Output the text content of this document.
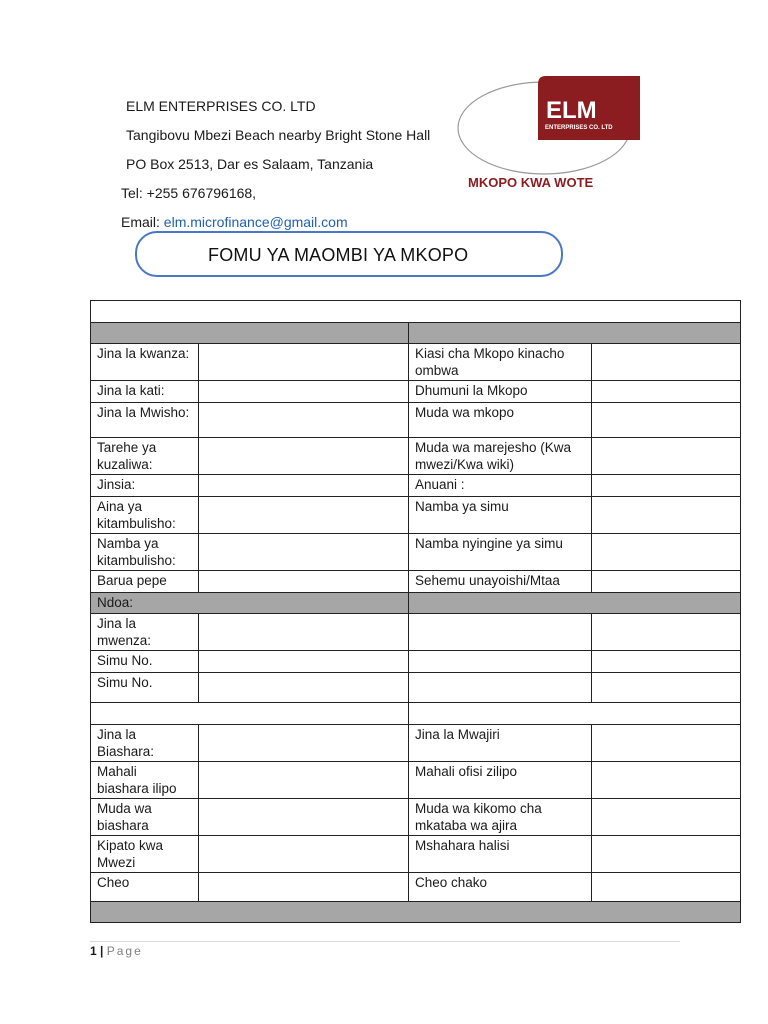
ELM ENTERPRISES CO. LTD
Tangibovu Mbezi Beach nearby Bright Stone Hall
PO Box 2513, Dar es Salaam, Tanzania
Tel: +255 676796168,
Email: elm.microfinance@gmail.com
ELM
ENTERPRISES CO. LTD
MKOPO KWA WOTE
FOMU YA MAOMBI YA MKOPO

Jina la kwanza:		Kiasi cha Mkopo kinacho ombwa	
Jina la kati:		Dhumuni la Mkopo	
Jina la Mwisho:		Muda wa mkopo	
Tarehe ya kuzaliwa:		Muda wa marejesho (Kwa mwezi/Kwa wiki)	
Jinsia:		Anuani :	
Aina ya kitambulisho:		Namba ya simu	
Namba ya kitambulisho:		Namba nyingine ya simu	
Barua pepe		Sehemu unayoishi/Mtaa	
Ndoa:			
Jina la mwenza:			
Simu No.			
Simu No.			

Jina la Biashara:		Jina la Mwajiri	
Mahali biashara ilipo		Mahali ofisi zilipo	
Muda wa biashara		Muda wa kikomo cha mkataba wa ajira	
Kipato kwa Mwezi		Mshahara halisi	
Cheo		Cheo chako	

1 | Page
